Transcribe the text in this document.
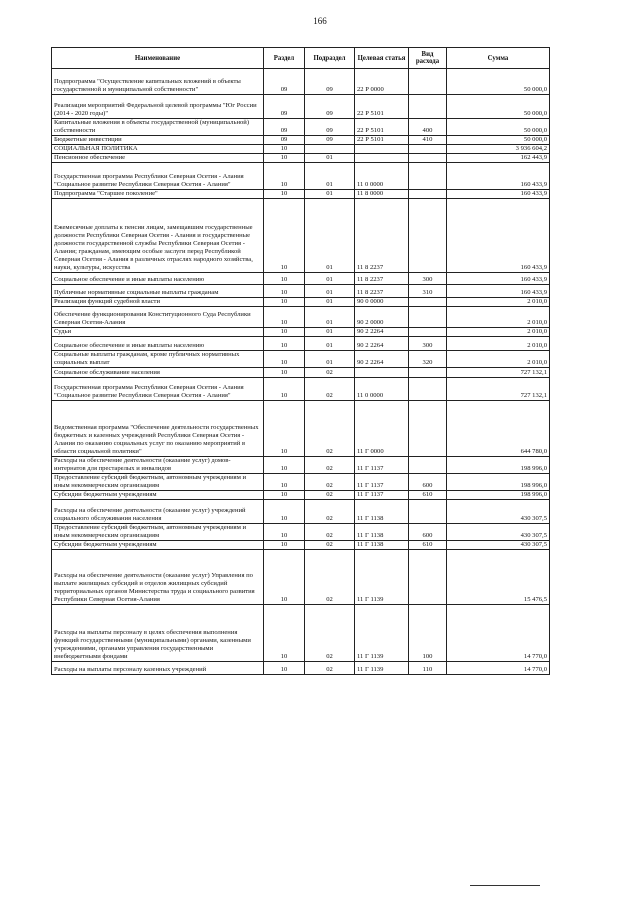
166
Наименование	Раздел	Подраздел	Целевая статья	Вид расхода	Сумма
Подпрограмма "Осуществление капитальных вложений в объекты государственной и муниципальной собственности"	09	09	22 Р 0000		50 000,0
Реализация мероприятий Федеральной целевой программы "Юг России (2014 - 2020 годы)"	09	09	22 Р 5101		50 000,0
Капитальные вложения в объекты государственной (муниципальной) собственности	09	09	22 Р 5101	400	50 000,0
Бюджетные инвестиции	09	09	22 Р 5101	410	50 000,0
СОЦИАЛЬНАЯ ПОЛИТИКА	10				3 936 604,2
Пенсионное обеспечение	10	01			162 443,9
Государственная программа Республики Северная Осетия - Алания "Социальное развитие Республики Северная Осетия - Алания"	10	01	11 0 0000		160 433,9
Подпрограмма "Старшее поколение"	10	01	11 8 0000		160 433,9
Ежемесячные доплаты к пенсии лицам, замещавшим государственные должности Республики Северная Осетия - Алания и государственные должности государственной службы Республики Северная Осетия - Алания; гражданам, имеющим особые заслуги перед Республикой Северная Осетия - Алания в различных отраслях народного хозяйства, науки, культуры, искусства	10	01	11 8 2237		160 433,9
Социальное обеспечение и иные выплаты населению	10	01	11 8 2237	300	160 433,9
Публичные нормативные социальные выплаты гражданам	10	01	11 8 2237	310	160 433,9
Реализация функций судебной власти	10	01	90 0 0000		2 010,0
Обеспечение функционирования Конституционного Суда Республики Северная Осетия-Алания	10	01	90 2 0000		2 010,0
Судьи	10	01	90 2 2264		2 010,0
Социальное обеспечение и иные выплаты населению	10	01	90 2 2264	300	2 010,0
Социальные выплаты гражданам, кроме публичных нормативных социальных выплат	10	01	90 2 2264	320	2 010,0
Социальное обслуживание населения	10	02			727 132,1
Государственная программа Республики Северная Осетия - Алания "Социальное развитие Республики Северная Осетия - Алания"	10	02	11 0 0000		727 132,1
Ведомственная программа "Обеспечение деятельности государственных бюджетных и казенных учреждений Республики Северная Осетия - Алания по оказанию социальных услуг по оказанию мероприятий в области социальной политики"	10	02	11 Г 0000		644 780,0
Расходы на обеспечение деятельности (оказание услуг) домов-интернатов для престарелых и инвалидов	10	02	11 Г 1137		198 996,0
Предоставление субсидий бюджетным, автономным учреждениям и иным некоммерческим организациям	10	02	11 Г 1137	600	198 996,0
Субсидии бюджетным учреждениям	10	02	11 Г 1137	610	198 996,0
Расходы на обеспечение деятельности (оказание услуг) учреждений социального обслуживания населения	10	02	11 Г 1138		430 307,5
Предоставление субсидий бюджетным, автономным учреждениям и иным некоммерческим организациям	10	02	11 Г 1138	600	430 307,5
Субсидии бюджетным учреждениям	10	02	11 Г 1138	610	430 307,5
Расходы на обеспечение деятельности (оказание услуг) Управления по выплате жилищных субсидий и отделов жилищных субсидий территориальных органов Министерства труда и социального развития Республики Северная Осетия-Алания	10	02	11 Г 1139		15 476,5
Расходы на выплаты персоналу в целях обеспечения выполнения функций государственными (муниципальными) органами, казенными учреждениями, органами управления государственными внебюджетными фондами	10	02	11 Г 1139	100	14 770,0
Расходы на выплаты персоналу казенных учреждений	10	02	11 Г 1139	110	14 770,0
